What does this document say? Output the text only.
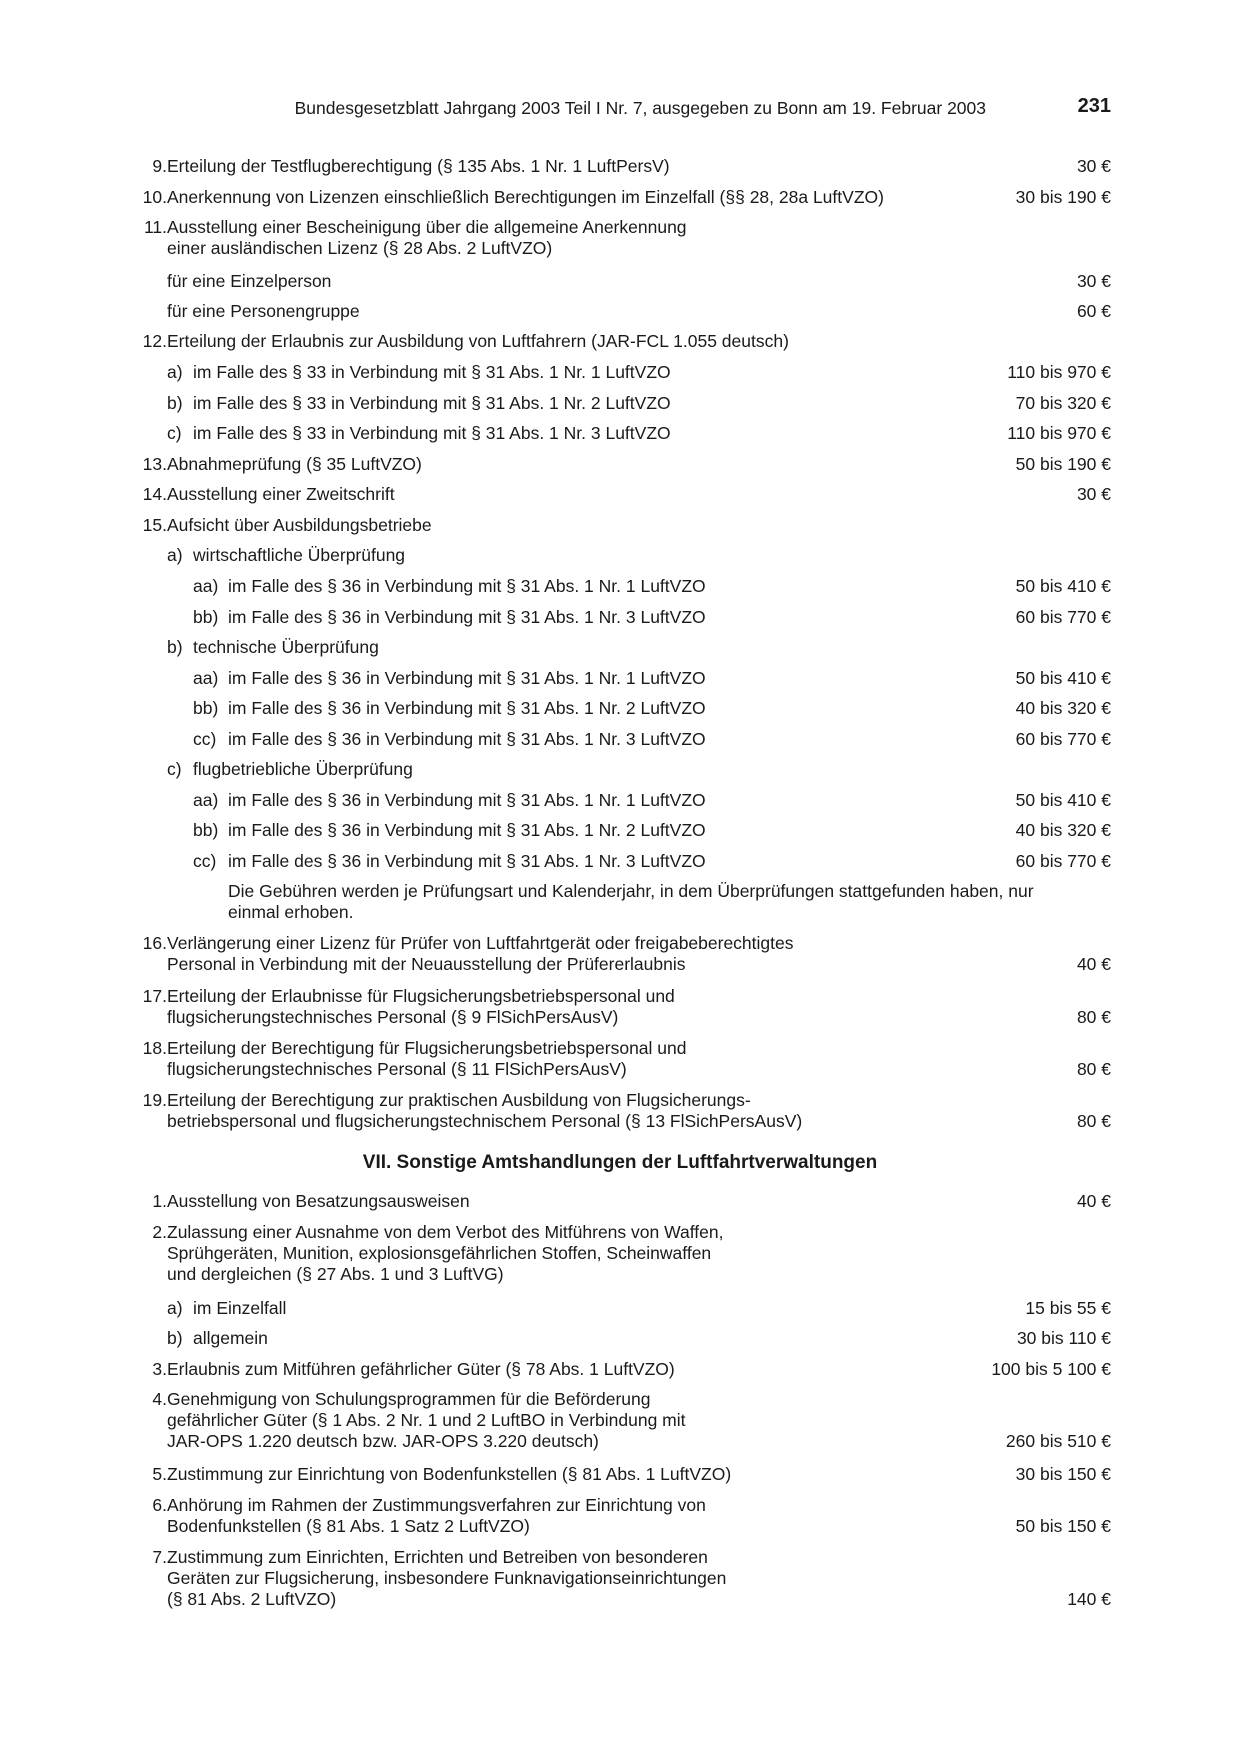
Bundesgesetzblatt Jahrgang 2003 Teil I Nr. 7, ausgegeben zu Bonn am 19. Februar 2003	231
9. Erteilung der Testflugberechtigung (§ 135 Abs. 1 Nr. 1 LuftPersV)	30 €
10. Anerkennung von Lizenzen einschließlich Berechtigungen im Einzelfall (§§ 28, 28a LuftVZO)	30 bis 190 €
11. Ausstellung einer Bescheinigung über die allgemeine Anerkennung
einer ausländischen Lizenz (§ 28 Abs. 2 LuftVZO)
für eine Einzelperson	30 €
für eine Personengruppe	60 €
12. Erteilung der Erlaubnis zur Ausbildung von Luftfahrern (JAR-FCL 1.055 deutsch)
a) im Falle des § 33 in Verbindung mit § 31 Abs. 1 Nr. 1 LuftVZO	110 bis 970 €
b) im Falle des § 33 in Verbindung mit § 31 Abs. 1 Nr. 2 LuftVZO	70 bis 320 €
c) im Falle des § 33 in Verbindung mit § 31 Abs. 1 Nr. 3 LuftVZO	110 bis 970 €
13. Abnahmeprüfung (§ 35 LuftVZO)	50 bis 190 €
14. Ausstellung einer Zweitschrift	30 €
15. Aufsicht über Ausbildungsbetriebe
a) wirtschaftliche Überprüfung
aa) im Falle des § 36 in Verbindung mit § 31 Abs. 1 Nr. 1 LuftVZO	50 bis 410 €
bb) im Falle des § 36 in Verbindung mit § 31 Abs. 1 Nr. 3 LuftVZO	60 bis 770 €
b) technische Überprüfung
aa) im Falle des § 36 in Verbindung mit § 31 Abs. 1 Nr. 1 LuftVZO	50 bis 410 €
bb) im Falle des § 36 in Verbindung mit § 31 Abs. 1 Nr. 2 LuftVZO	40 bis 320 €
cc) im Falle des § 36 in Verbindung mit § 31 Abs. 1 Nr. 3 LuftVZO	60 bis 770 €
c) flugbetriebliche Überprüfung
aa) im Falle des § 36 in Verbindung mit § 31 Abs. 1 Nr. 1 LuftVZO	50 bis 410 €
bb) im Falle des § 36 in Verbindung mit § 31 Abs. 1 Nr. 2 LuftVZO	40 bis 320 €
cc) im Falle des § 36 in Verbindung mit § 31 Abs. 1 Nr. 3 LuftVZO	60 bis 770 €
Die Gebühren werden je Prüfungsart und Kalenderjahr, in dem Überprüfungen stattgefunden haben, nur
einmal erhoben.
16. Verlängerung einer Lizenz für Prüfer von Luftfahrtgerät oder freigabeberechtigtes
Personal in Verbindung mit der Neuausstellung der Prüfererlaubnis	40 €
17. Erteilung der Erlaubnisse für Flugsicherungsbetriebspersonal und
flugsicherungstechnisches Personal (§ 9 FlSichPersAusV)	80 €
18. Erteilung der Berechtigung für Flugsicherungsbetriebspersonal und
flugsicherungstechnisches Personal (§ 11 FlSichPersAusV)	80 €
19. Erteilung der Berechtigung zur praktischen Ausbildung von Flugsicherungs-
betriebspersonal und flugsicherungstechnischem Personal (§ 13 FlSichPersAusV)	80 €
VII. Sonstige Amtshandlungen der Luftfahrtverwaltungen
1. Ausstellung von Besatzungsausweisen	40 €
2. Zulassung einer Ausnahme von dem Verbot des Mitführens von Waffen,
Sprühgeräten, Munition, explosionsgefährlichen Stoffen, Scheinwaffen
und dergleichen (§ 27 Abs. 1 und 3 LuftVG)
a) im Einzelfall	15 bis 55 €
b) allgemein	30 bis 110 €
3. Erlaubnis zum Mitführen gefährlicher Güter (§ 78 Abs. 1 LuftVZO)	100 bis 5 100 €
4. Genehmigung von Schulungsprogrammen für die Beförderung
gefährlicher Güter (§ 1 Abs. 2 Nr. 1 und 2 LuftBO in Verbindung mit
JAR-OPS 1.220 deutsch bzw. JAR-OPS 3.220 deutsch)	260 bis 510 €
5. Zustimmung zur Einrichtung von Bodenfunkstellen (§ 81 Abs. 1 LuftVZO)	30 bis 150 €
6. Anhörung im Rahmen der Zustimmungsverfahren zur Einrichtung von
Bodenfunkstellen (§ 81 Abs. 1 Satz 2 LuftVZO)	50 bis 150 €
7. Zustimmung zum Einrichten, Errichten und Betreiben von besonderen
Geräten zur Flugsicherung, insbesondere Funknavigationseinrichtungen
(§ 81 Abs. 2 LuftVZO)	140 €
